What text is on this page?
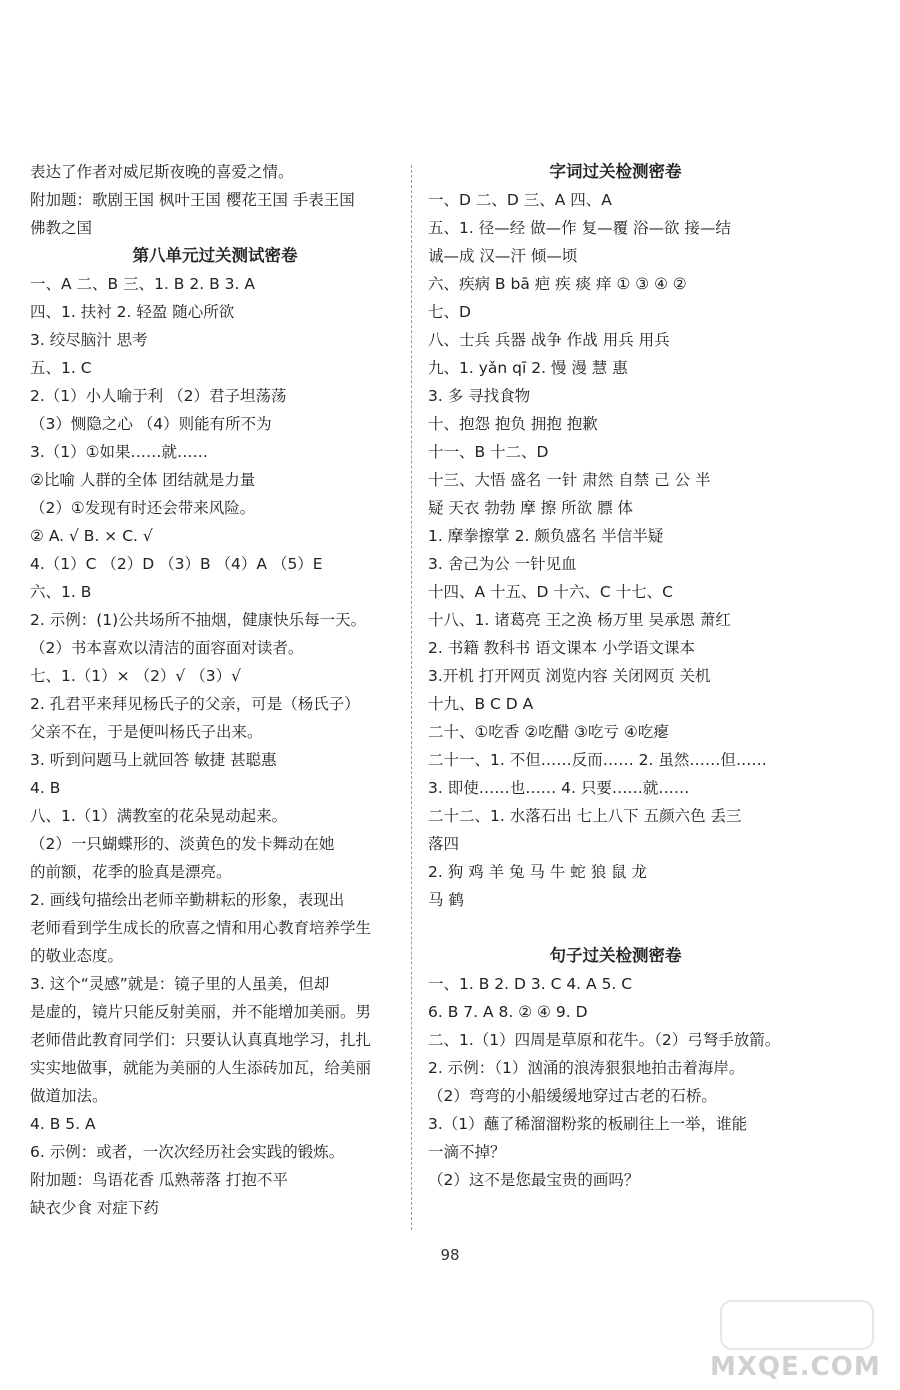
表达了作者对威尼斯夜晚的喜爱之情。
附加题：歌剧王国 枫叶王国 樱花王国 手表王国
佛教之国
第八单元过关测试密卷
一、A 二、B 三、1. B 2. B 3. A
四、1. 扶衬 2. 轻盈 随心所欲
3. 绞尽脑汁 思考
五、1. C
2.（1）小人喻于利 （2）君子坦荡荡
（3）恻隐之心 （4）则能有所不为
3.（1）①如果……就……
②比喻 人群的全体 团结就是力量
（2）①发现有时还会带来风险。
② A. √ B. × C. √
4.（1）C （2）D （3）B （4）A （5）E
六、1. B
2. 示例：(1)公共场所不抽烟，健康快乐每一天。
（2）书本喜欢以清洁的面容面对读者。
七、1.（1）× （2）√ （3）√
2. 孔君平来拜见杨氏子的父亲，可是（杨氏子）
父亲不在，于是便叫杨氏子出来。
3. 听到问题马上就回答 敏捷 甚聪惠
4. B
八、1.（1）满教室的花朵晃动起来。
（2）一只蝴蝶形的、淡黄色的发卡舞动在她
的前额，花季的脸真是漂亮。
2. 画线句描绘出老师辛勤耕耘的形象，表现出
老师看到学生成长的欣喜之情和用心教育培养学生
的敬业态度。
3. 这个“灵感”就是：镜子里的人虽美，但却
是虚的，镜片只能反射美丽，并不能增加美丽。男
老师借此教育同学们：只要认认真真地学习，扎扎
实实地做事，就能为美丽的人生添砖加瓦，给美丽
做道加法。
4. B 5. A
6. 示例：或者，一次次经历社会实践的锻炼。
附加题：鸟语花香 瓜熟蒂落 打抱不平
缺衣少食 对症下药
字词过关检测密卷
一、D 二、D 三、A 四、A
五、1. 径—经 做—作 复—覆 浴—欲 接—结
诚—成 汉—汗 倾—顷
六、疾病 B bā 疤 疾 痰 痒 ① ③ ④ ②
七、D
八、士兵 兵器 战争 作战 用兵 用兵
九、1. yǎn qī 2. 慢 漫 慧 惠
3. 多 寻找食物
十、抱怨 抱负 拥抱 抱歉
十一、B 十二、D
十三、大悟 盛名 一针 肃然 自禁 己 公 半
疑 天衣 勃勃 摩 擦 所欲 膘 体
1. 摩拳擦掌 2. 颇负盛名 半信半疑
3. 舍己为公 一针见血
十四、A 十五、D 十六、C 十七、C
十八、1. 诸葛亮 王之涣 杨万里 吴承恩 萧红
2. 书籍 教科书 语文课本 小学语文课本
3.开机 打开网页 浏览内容 关闭网页 关机
十九、B C D A
二十、①吃香 ②吃醋 ③吃亏 ④吃瘪
二十一、1. 不但……反而…… 2. 虽然……但……
3. 即使……也…… 4. 只要……就……
二十二、1. 水落石出 七上八下 五颜六色 丢三
落四
2. 狗 鸡 羊 兔 马 牛 蛇 狼 鼠 龙
马 鹤
句子过关检测密卷
一、1. B 2. D 3. C 4. A 5. C
6. B 7. A 8. ② ④ 9. D
二、1.（1）四周是草原和花牛。（2）弓弩手放箭。
2. 示例：（1）汹涌的浪涛狠狠地拍击着海岸。
（2）弯弯的小船缓缓地穿过古老的石桥。
3.（1）蘸了稀溜溜粉浆的板刷往上一举，谁能
一滴不掉？
（2）这不是您最宝贵的画吗？
98
MXQE.COM
